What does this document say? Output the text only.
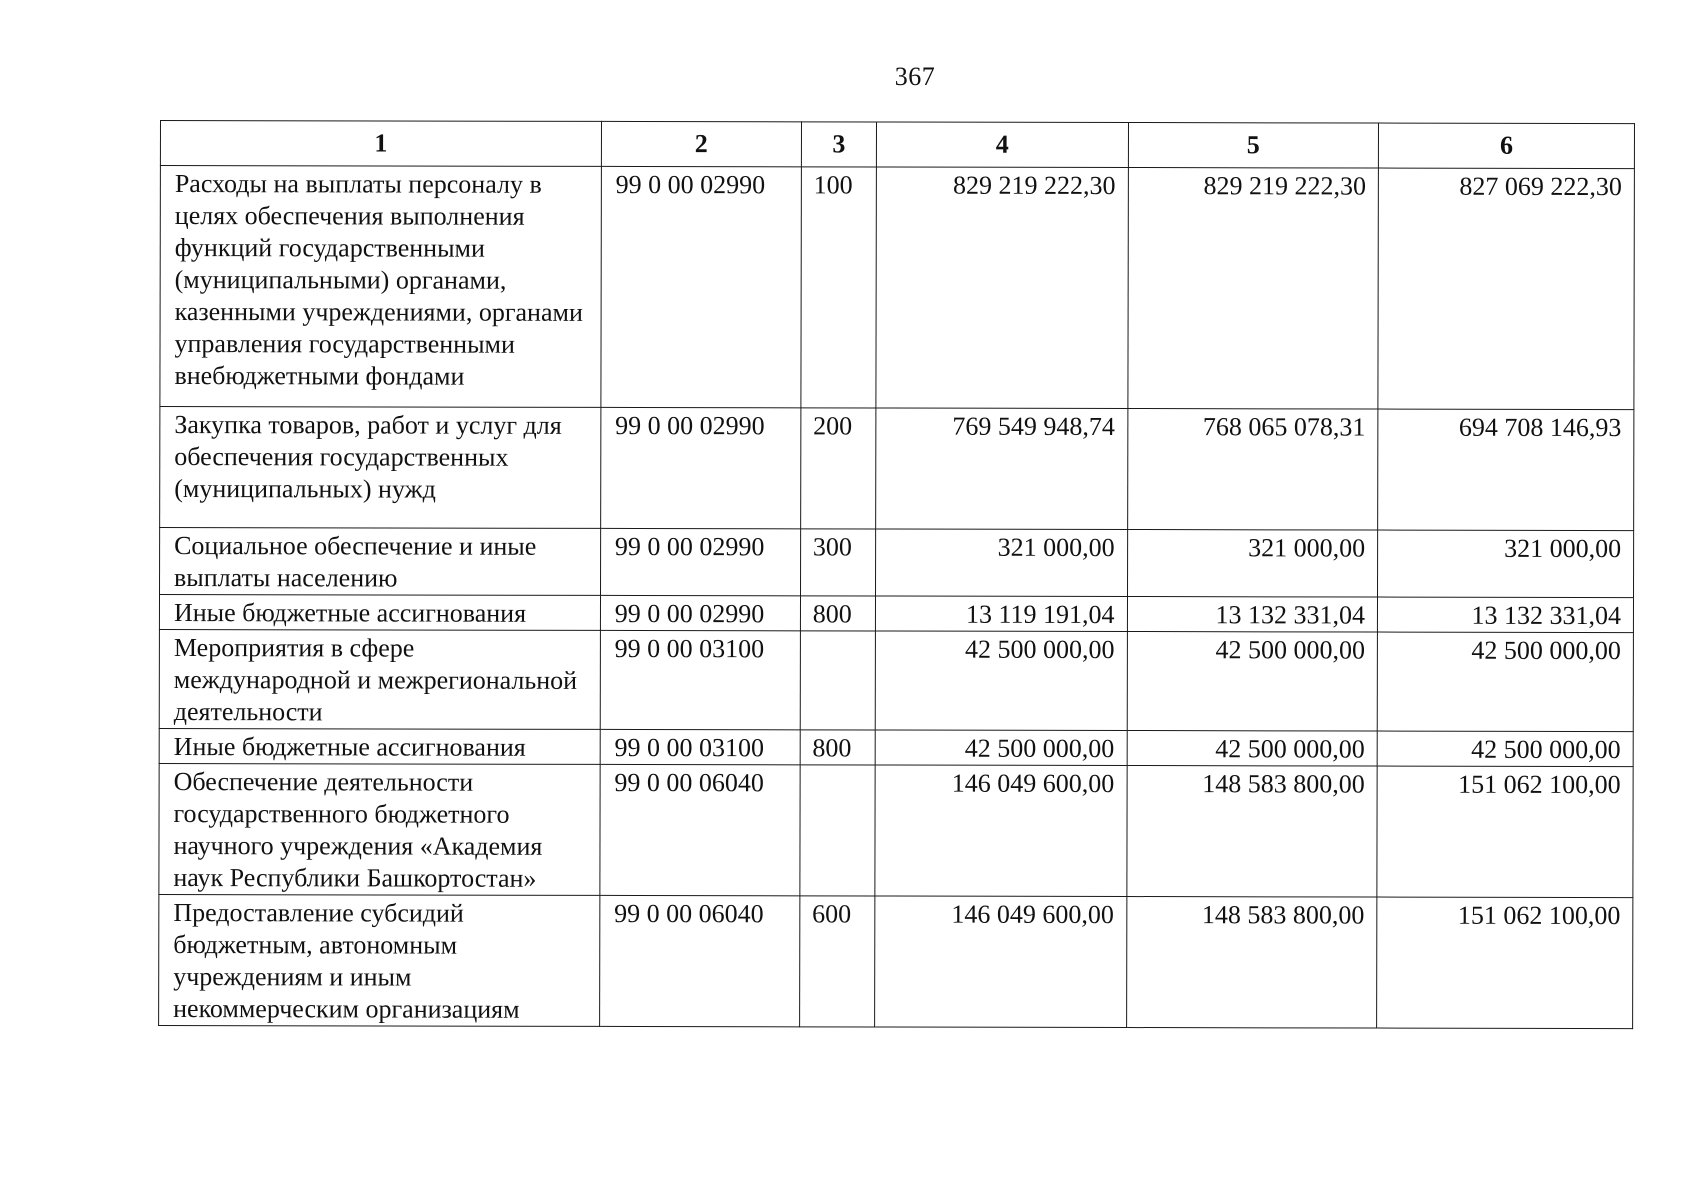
367
1	2	3	4	5	6
Расходы на выплаты персоналу в целях обеспечения выполнения функций государственными (муниципальными) органами, казенными учреждениями, органами управления государственными внебюджетными фондами	99 0 00 02990	100	829 219 222,30	829 219 222,30	827 069 222,30
Закупка товаров, работ и услуг для обеспечения государственных (муниципальных) нужд	99 0 00 02990	200	769 549 948,74	768 065 078,31	694 708 146,93
Социальное обеспечение и иные выплаты населению	99 0 00 02990	300	321 000,00	321 000,00	321 000,00
Иные бюджетные ассигнования	99 0 00 02990	800	13 119 191,04	13 132 331,04	13 132 331,04
Мероприятия в сфере международной и межрегиональной деятельности	99 0 00 03100		42 500 000,00	42 500 000,00	42 500 000,00
Иные бюджетные ассигнования	99 0 00 03100	800	42 500 000,00	42 500 000,00	42 500 000,00
Обеспечение деятельности государственного бюджетного научного учреждения «Академия наук Республики Башкортостан»	99 0 00 06040		146 049 600,00	148 583 800,00	151 062 100,00
Предоставление субсидий бюджетным, автономным учреждениям и иным некоммерческим организациям	99 0 00 06040	600	146 049 600,00	148 583 800,00	151 062 100,00
